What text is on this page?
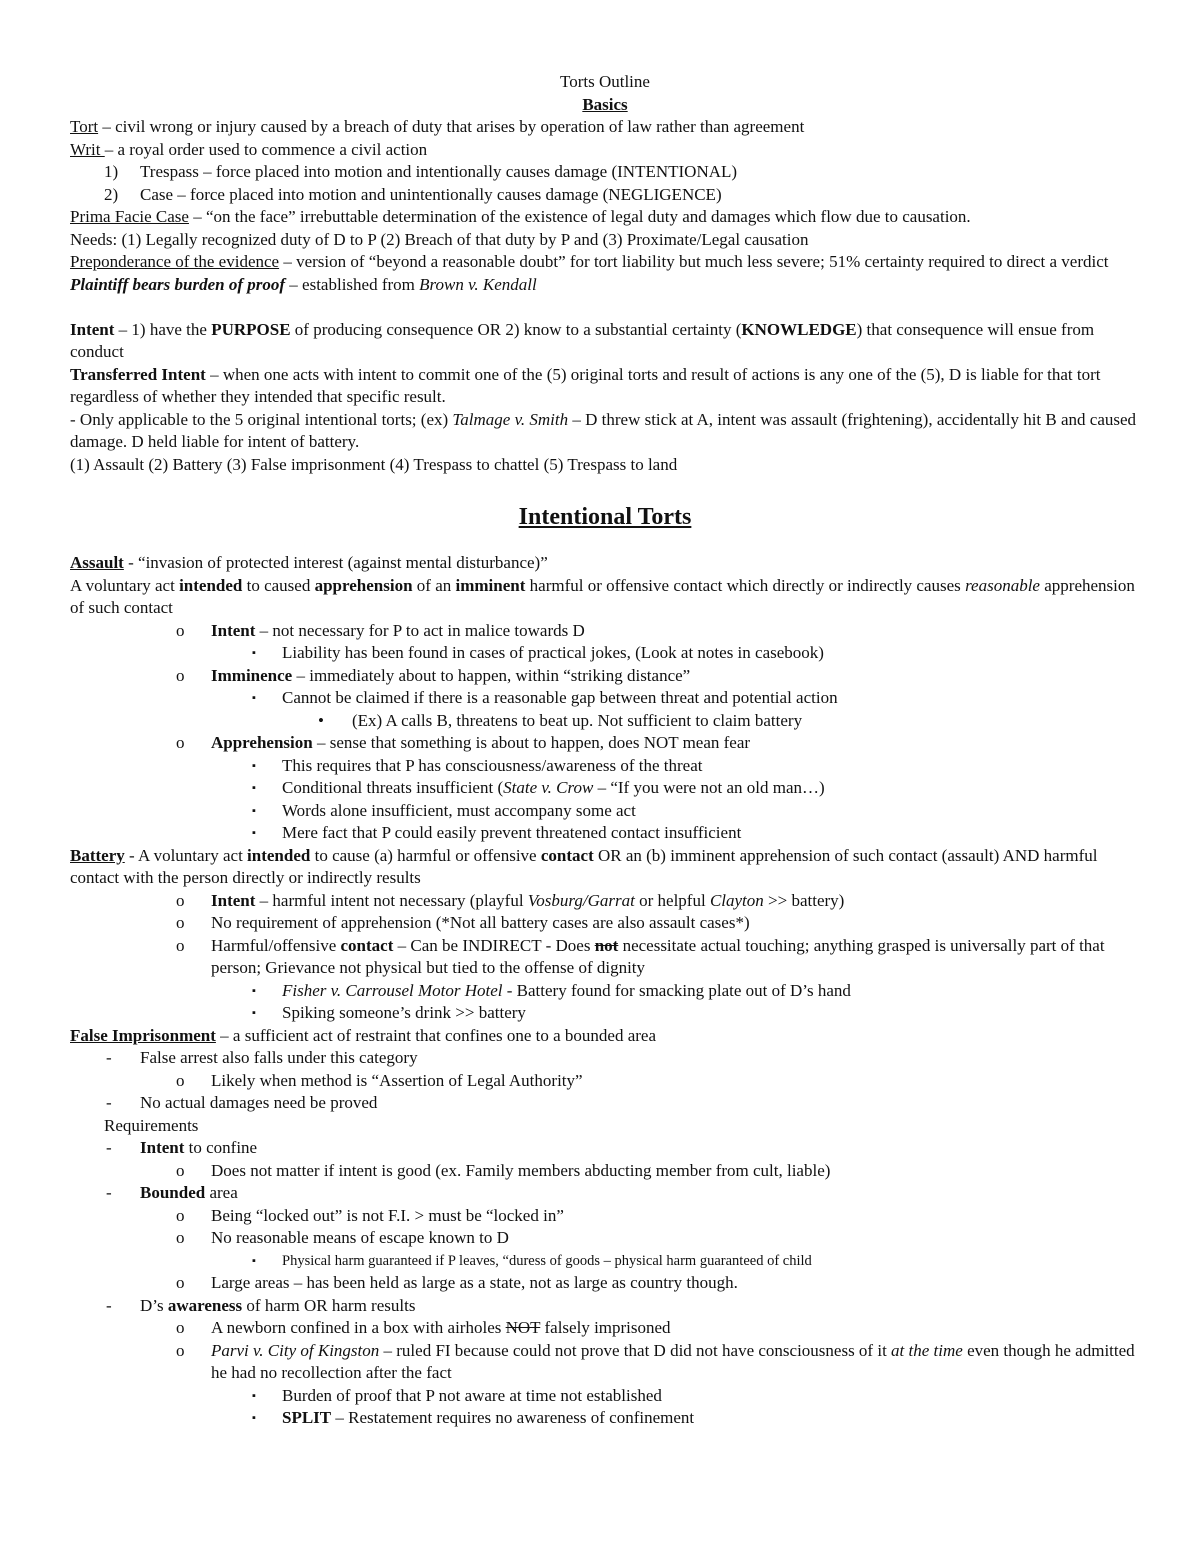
Torts Outline
Basics
Tort – civil wrong or injury caused by a breach of duty that arises by operation of law rather than agreement
Writ – a royal order used to commence a civil action
1) Trespass – force placed into motion and intentionally causes damage (INTENTIONAL)
2) Case – force placed into motion and unintentionally causes damage (NEGLIGENCE)
Prima Facie Case – “on the face” irrebuttable determination of the existence of legal duty and damages which flow due to causation.
Needs: (1) Legally recognized duty of D to P (2) Breach of that duty by P and (3) Proximate/Legal causation
Preponderance of the evidence – version of “beyond a reasonable doubt” for tort liability but much less severe; 51% certainty required to direct a verdict
Plaintiff bears burden of proof – established from Brown v. Kendall
Intent – 1) have the PURPOSE of producing consequence OR 2) know to a substantial certainty (KNOWLEDGE) that consequence will ensue from conduct
Transferred Intent – when one acts with intent to commit one of the (5) original torts and result of actions is any one of the (5), D is liable for that tort regardless of whether they intended that specific result.
- Only applicable to the 5 original intentional torts; (ex) Talmage v. Smith – D threw stick at A, intent was assault (frightening), accidentally hit B and caused damage. D held liable for intent of battery.
(1) Assault (2) Battery (3) False imprisonment (4) Trespass to chattel (5) Trespass to land
Intentional Torts
Assault - “invasion of protected interest (against mental disturbance)”
A voluntary act intended to caused apprehension of an imminent harmful or offensive contact which directly or indirectly causes reasonable apprehension of such contact
o Intent – not necessary for P to act in malice towards D
▪ Liability has been found in cases of practical jokes, (Look at notes in casebook)
o Imminence – immediately about to happen, within “striking distance”
▪ Cannot be claimed if there is a reasonable gap between threat and potential action
• (Ex) A calls B, threatens to beat up. Not sufficient to claim battery
o Apprehension – sense that something is about to happen, does NOT mean fear
▪ This requires that P has consciousness/awareness of the threat
▪ Conditional threats insufficient (State v. Crow – “If you were not an old man…)
▪ Words alone insufficient, must accompany some act
▪ Mere fact that P could easily prevent threatened contact insufficient
Battery - A voluntary act intended to cause (a) harmful or offensive contact OR an (b) imminent apprehension of such contact (assault) AND harmful contact with the person directly or indirectly results
o Intent – harmful intent not necessary (playful Vosburg/Garrat or helpful Clayton >> battery)
o No requirement of apprehension (*Not all battery cases are also assault cases*)
o Harmful/offensive contact – Can be INDIRECT - Does not necessitate actual touching; anything grasped is universally part of that person; Grievance not physical but tied to the offense of dignity
▪ Fisher v. Carrousel Motor Hotel - Battery found for smacking plate out of D’s hand
▪ Spiking someone’s drink >> battery
False Imprisonment – a sufficient act of restraint that confines one to a bounded area
- False arrest also falls under this category
o Likely when method is “Assertion of Legal Authority”
- No actual damages need be proved
Requirements
- Intent to confine
o Does not matter if intent is good (ex. Family members abducting member from cult, liable)
- Bounded area
o Being “locked out” is not F.I. > must be “locked in”
o No reasonable means of escape known to D
▪ Physical harm guaranteed if P leaves, “duress of goods – physical harm guaranteed of child
o Large areas – has been held as large as a state, not as large as country though.
- D’s awareness of harm OR harm results
o A newborn confined in a box with airholes NOT falsely imprisoned
o Parvi v. City of Kingston – ruled FI because could not prove that D did not have consciousness of it at the time even though he admitted he had no recollection after the fact
▪ Burden of proof that P not aware at time not established
▪ SPLIT – Restatement requires no awareness of confinement
